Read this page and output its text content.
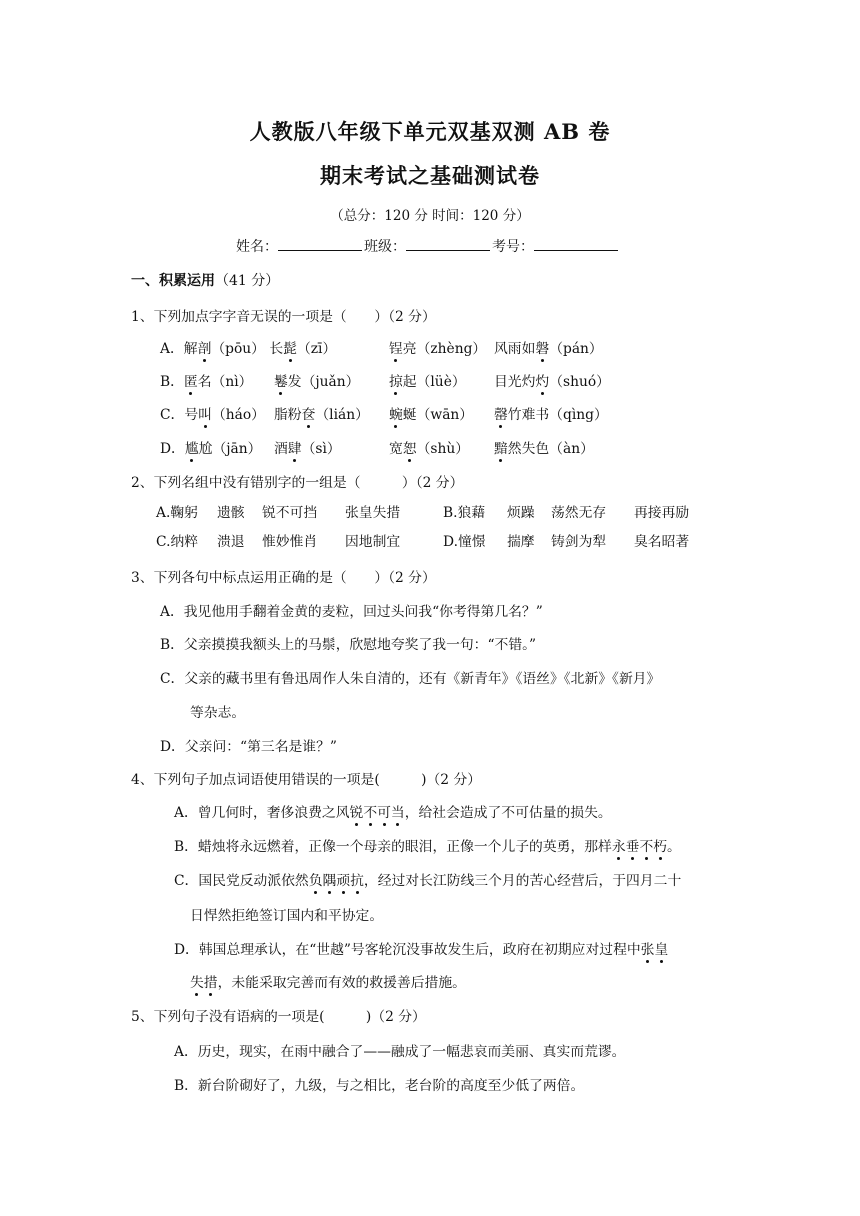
人教版八年级下单元双基双测 AB 卷
期末考试之基础测试卷
（总分：120 分 时间：120 分）
姓名：	班级：	考号：
一、积累运用（41 分）
1、下列加点字字音无误的一项是（　　）（2 分）
A．解剖（pōu） 长髭（zī）	锃亮（zhèng） 风雨如磐（pán）
B．匿名（nì） 鬈发（juǎn） 掠起（lüè） 目光灼灼（shuó）
C．号叫（háo） 脂粉奁（lián） 蜿蜒（wān） 罄竹难书（qìng）
D．尴尬（jān） 酒肆（sì）	宽恕（shù） 黯然失色（àn）
2、下列名组中没有错别字的一组是（　　　）（2 分）
A.鞠躬 遗骸 锐不可挡 张皇失措	B.狼藉 烦躁 荡然无存 再接再励
C.纳粹 溃退 惟妙惟肖 因地制宜	D.憧憬 揣摩 铸剑为犁 臭名昭著
3、下列各句中标点运用正确的是（　　）（2 分）
A．我见他用手翻着金黄的麦粒，回过头问我“你考得第几名？”
B．父亲摸摸我额头上的马鬃，欣慰地夸奖了我一句：“不错。”
C．父亲的藏书里有鲁迅周作人朱自清的，还有《新青年》《语丝》《北新》《新月》
等杂志。
D．父亲问：“第三名是谁？”
4、下列句子加点词语使用错误的一项是(　　　)（2 分）
A．曾几何时，奢侈浪费之风锐不可当，给社会造成了不可估量的损失。
B．蜡烛将永远燃着，正像一个母亲的眼泪，正像一个儿子的英勇，那样永垂不朽。
C．国民党反动派依然负隅顽抗，经过对长江防线三个月的苦心经营后，于四月二十
日悍然拒绝签订国内和平协定。
D．韩国总理承认，在“世越”号客轮沉没事故发生后，政府在初期应对过程中张皇
失措，未能采取完善而有效的救援善后措施。
5、下列句子没有语病的一项是(　　　)（2 分）
A．历史，现实，在雨中融合了——融成了一幅悲哀而美丽、真实而荒谬。
B．新台阶砌好了，九级，与之相比，老台阶的高度至少低了两倍。
